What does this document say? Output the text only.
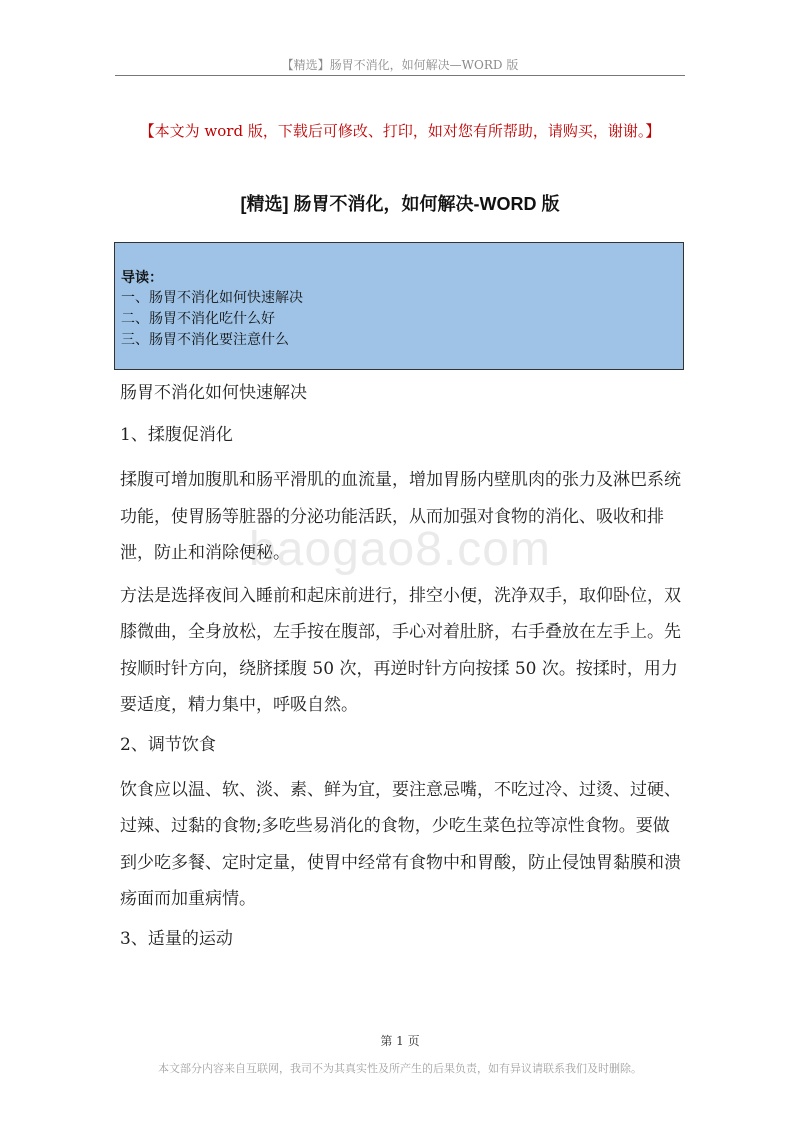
【精选】肠胃不消化，如何解决—WORD 版
【本文为 word 版，下载后可修改、打印，如对您有所帮助，请购买，谢谢。】
[精选] 肠胃不消化，如何解决-WORD 版
导读：
一、肠胃不消化如何快速解决
二、肠胃不消化吃什么好
三、肠胃不消化要注意什么

肠胃不消化如何快速解决

1、揉腹促消化

揉腹可增加腹肌和肠平滑肌的血流量，增加胃肠内壁肌肉的张力及淋巴系统功能，使胃肠等脏器的分泌功能活跃，从而加强对食物的消化、吸收和排泄，防止和消除便秘。

方法是选择夜间入睡前和起床前进行，排空小便，洗净双手，取仰卧位，双膝微曲，全身放松，左手按在腹部，手心对着肚脐，右手叠放在左手上。先按顺时针方向，绕脐揉腹 50 次，再逆时针方向按揉 50 次。按揉时，用力要适度，精力集中，呼吸自然。

2、调节饮食

饮食应以温、软、淡、素、鲜为宜，要注意忌嘴，不吃过冷、过烫、过硬、过辣、过黏的食物;多吃些易消化的食物，少吃生菜色拉等凉性食物。要做到少吃多餐、定时定量，使胃中经常有食物中和胃酸，防止侵蚀胃黏膜和溃疡面而加重病情。

3、适量的运动

baogao8.com
第 1 页
本文部分内容来自互联网，我司不为其真实性及所产生的后果负责，如有异议请联系我们及时删除。
